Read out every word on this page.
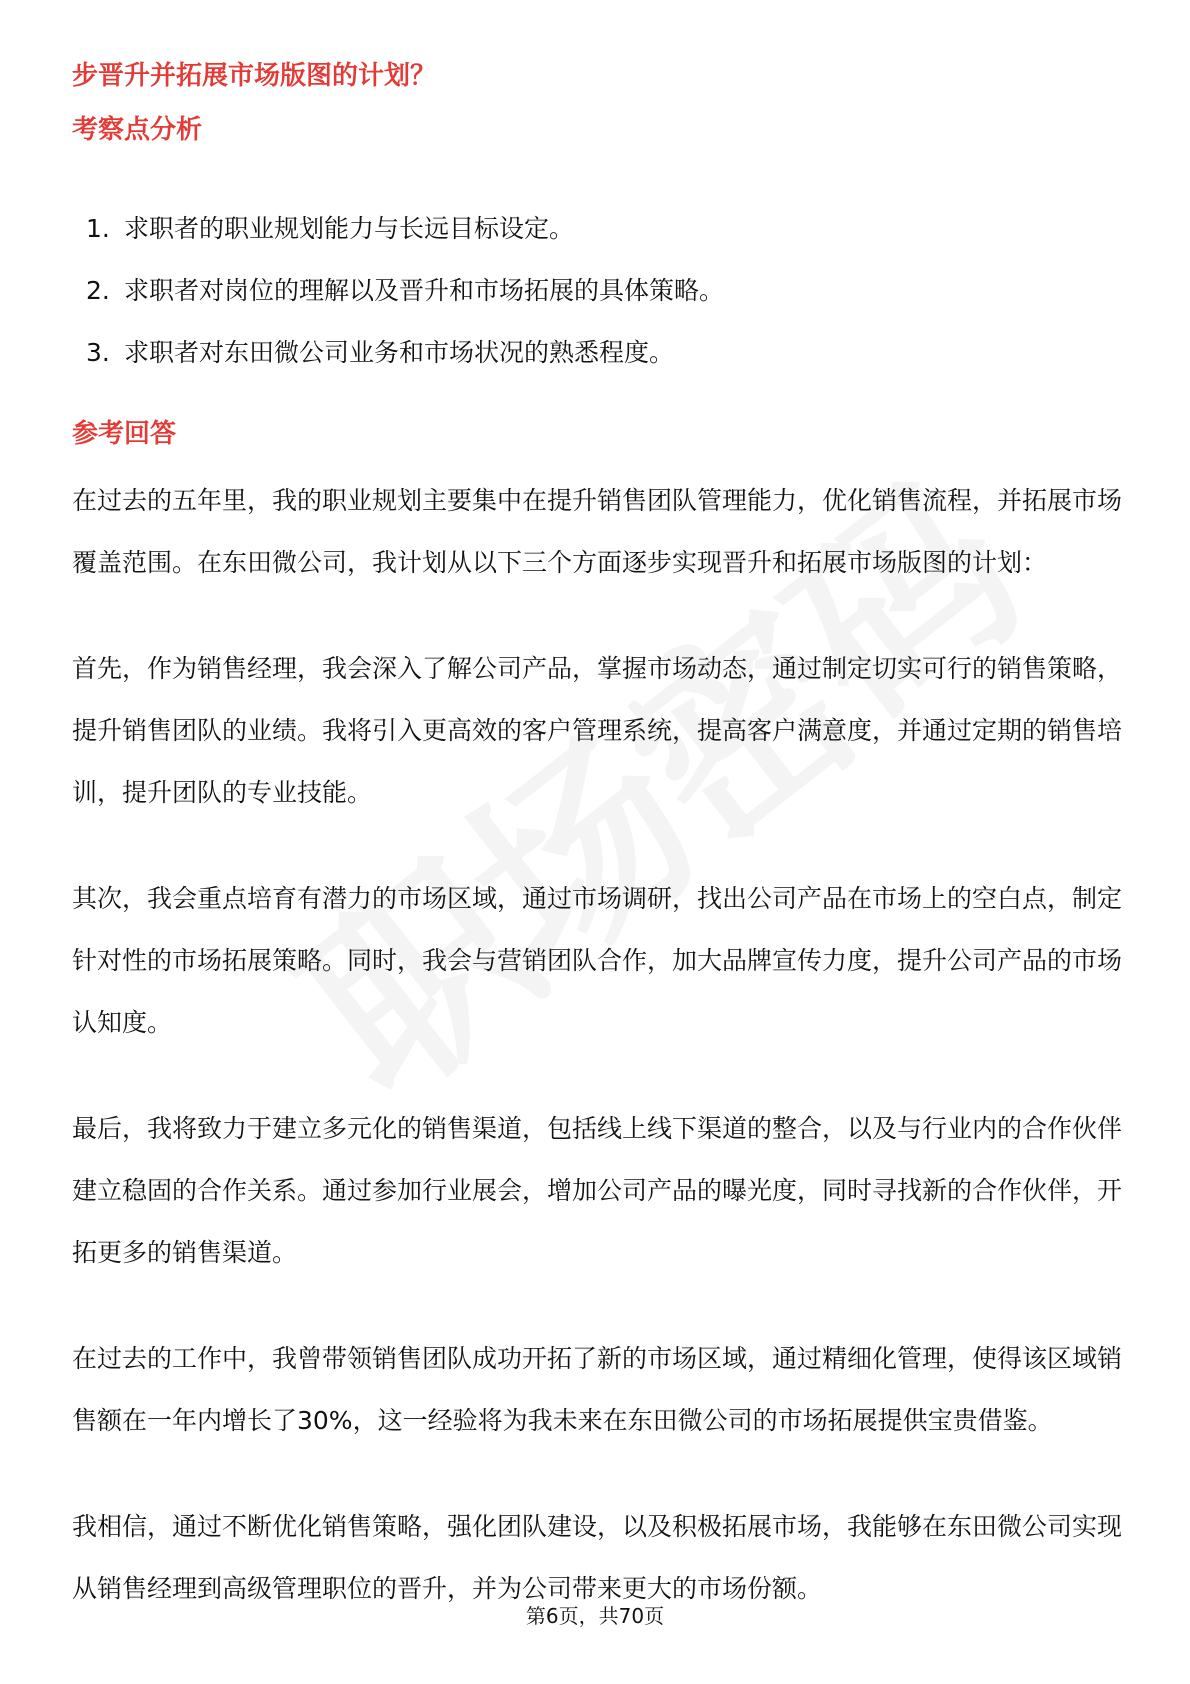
步晋升并拓展市场版图的计划？
考察点分析
1. 求职者的职业规划能力与长远目标设定。
2. 求职者对岗位的理解以及晋升和市场拓展的具体策略。
3. 求职者对东田微公司业务和市场状况的熟悉程度。
参考回答

在过去的五年里，我的职业规划主要集中在提升销售团队管理能力，优化销售流程，并拓展市场覆盖范围。在东田微公司，我计划从以下三个方面逐步实现晋升和拓展市场版图的计划：

首先，作为销售经理，我会深入了解公司产品，掌握市场动态，通过制定切实可行的销售策略，提升销售团队的业绩。我将引入更高效的客户管理系统，提高客户满意度，并通过定期的销售培训，提升团队的专业技能。

其次，我会重点培育有潜力的市场区域，通过市场调研，找出公司产品在市场上的空白点，制定针对性的市场拓展策略。同时，我会与营销团队合作，加大品牌宣传力度，提升公司产品的市场认知度。

最后，我将致力于建立多元化的销售渠道，包括线上线下渠道的整合，以及与行业内的合作伙伴建立稳固的合作关系。通过参加行业展会，增加公司产品的曝光度，同时寻找新的合作伙伴，开拓更多的销售渠道。

在过去的工作中，我曾带领销售团队成功开拓了新的市场区域，通过精细化管理，使得该区域销售额在一年内增长了30%，这一经验将为我未来在东田微公司的市场拓展提供宝贵借鉴。

我相信，通过不断优化销售策略，强化团队建设，以及积极拓展市场，我能够在东田微公司实现从销售经理到高级管理职位的晋升，并为公司带来更大的市场份额。

第6页，共70页
